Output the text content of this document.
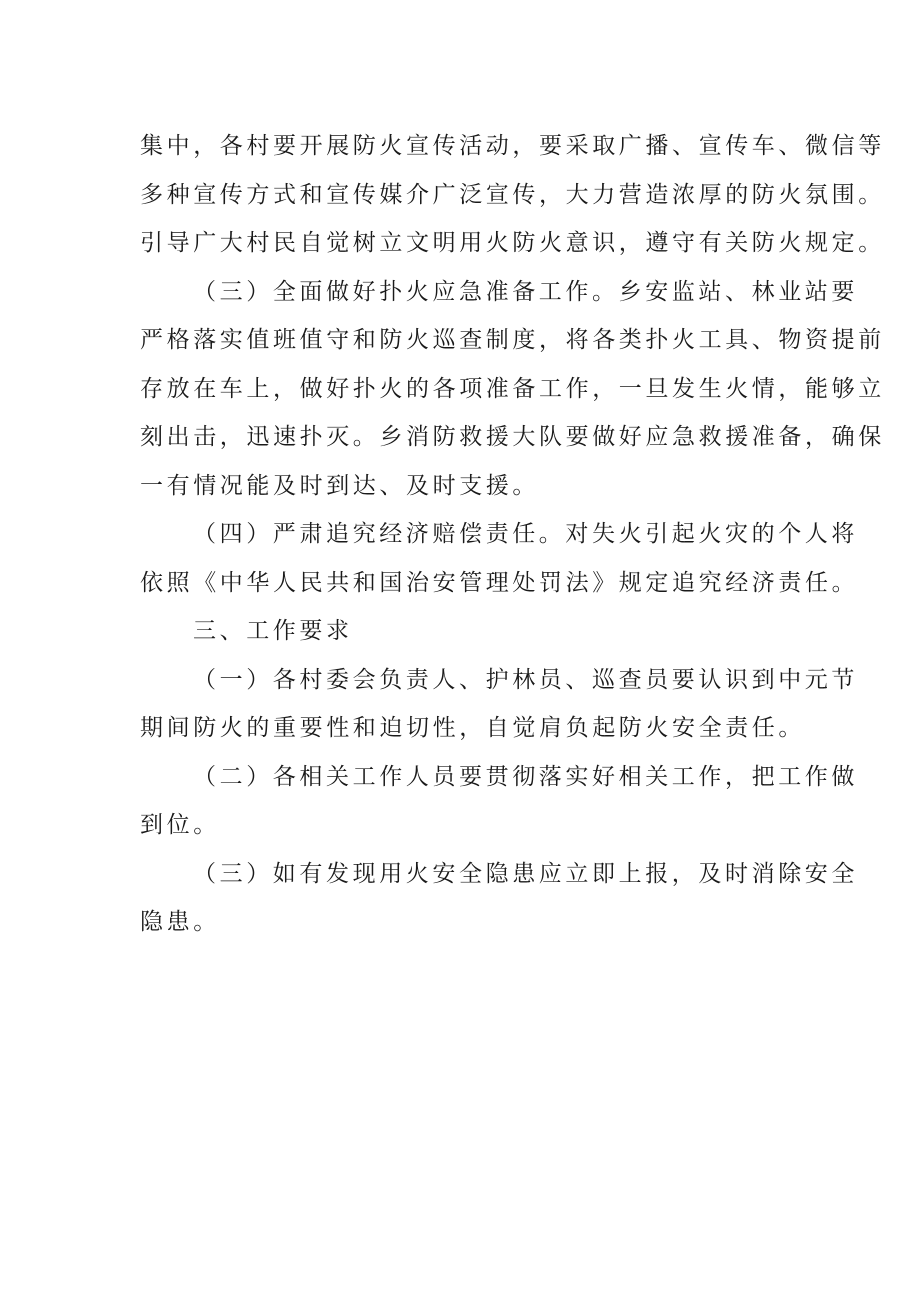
集中，各村要开展防火宣传活动，要采取广播、宣传车、微信等
多种宣传方式和宣传媒介广泛宣传，大力营造浓厚的防火氛围。
引导广大村民自觉树立文明用火防火意识，遵守有关防火规定。

（三）全面做好扑火应急准备工作。乡安监站、林业站要
严格落实值班值守和防火巡查制度，将各类扑火工具、物资提前
存放在车上，做好扑火的各项准备工作，一旦发生火情，能够立
刻出击，迅速扑灭。乡消防救援大队要做好应急救援准备，确保
一有情况能及时到达、及时支援。

（四）严肃追究经济赔偿责任。对失火引起火灾的个人将
依照《中华人民共和国治安管理处罚法》规定追究经济责任。

三、工作要求

（一）各村委会负责人、护林员、巡查员要认识到中元节
期间防火的重要性和迫切性，自觉肩负起防火安全责任。

（二）各相关工作人员要贯彻落实好相关工作，把工作做
到位。

（三）如有发现用火安全隐患应立即上报，及时消除安全
隐患。
